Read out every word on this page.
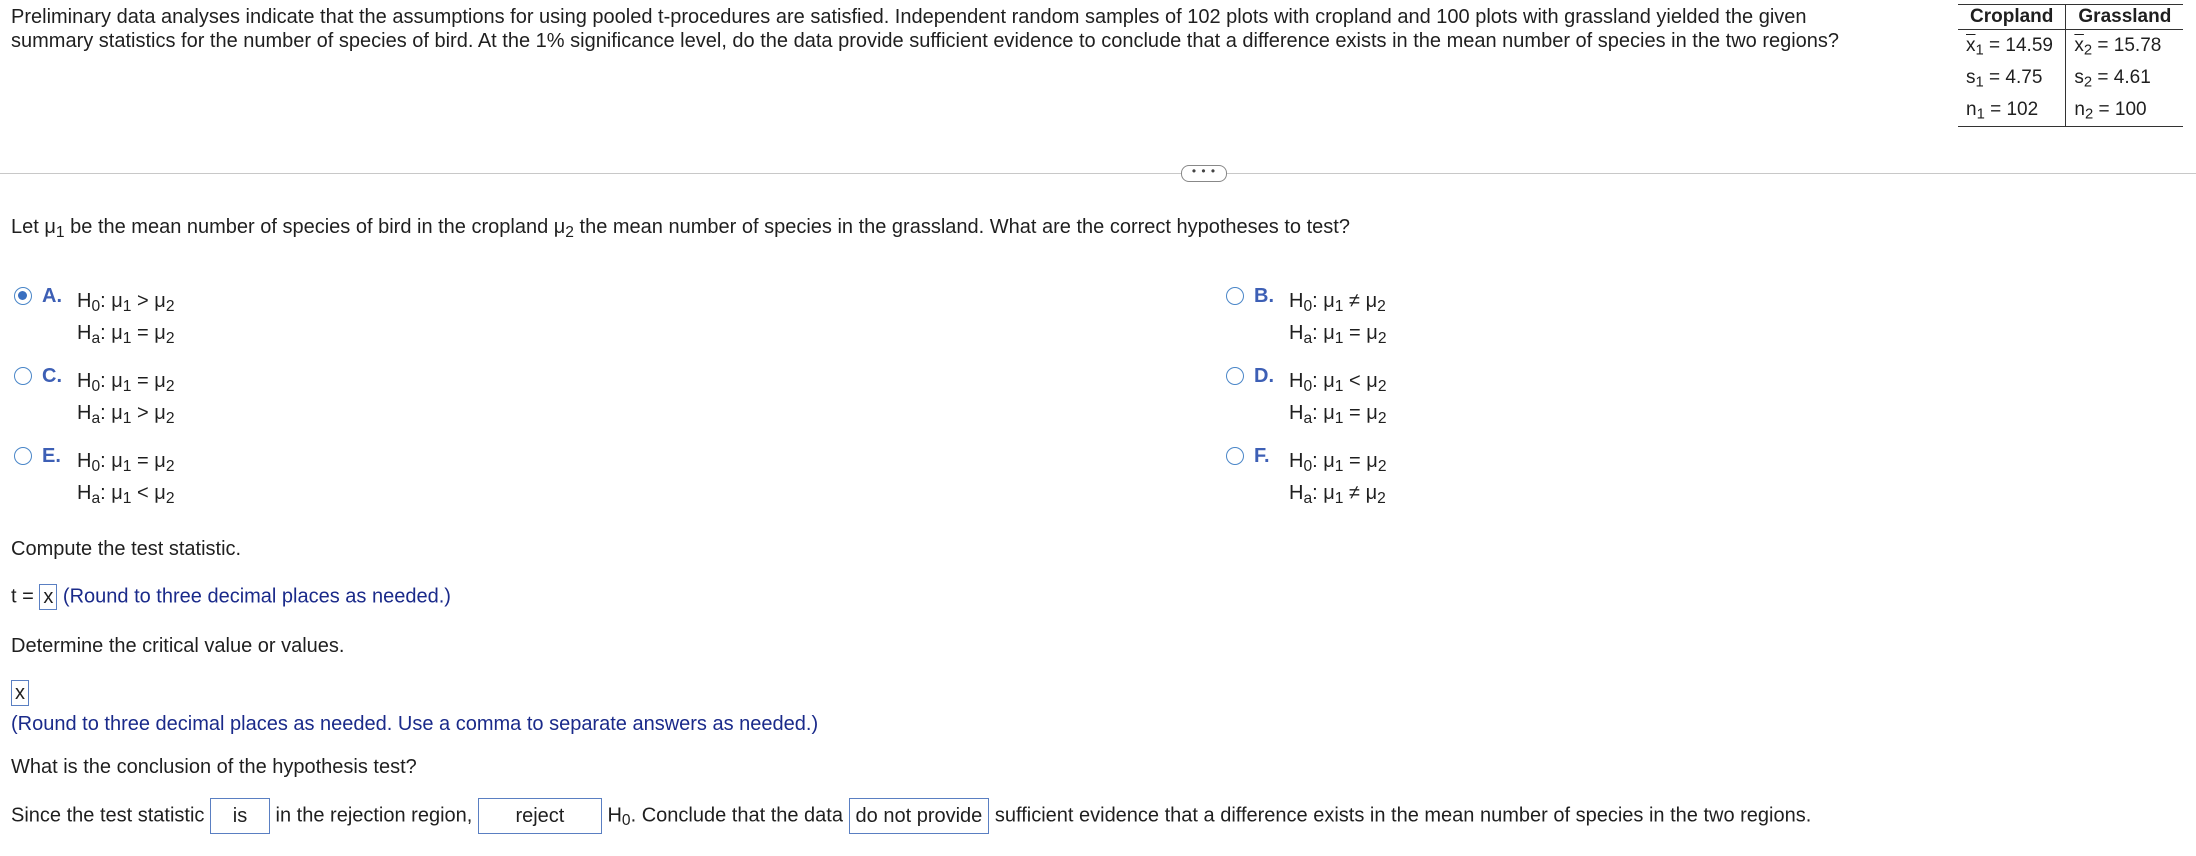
Preliminary data analyses indicate that the assumptions for using pooled t-procedures are satisfied. Independent random samples of 102 plots with cropland and 100 plots with grassland yielded the given summary statistics for the number of species of bird. At the 1% significance level, do the data provide sufficient evidence to conclude that a difference exists in the mean number of species in the two regions?
Cropland	Grassland
$\overline{x}_1 = 14.59$	$\overline{x}_2 = 15.78$
$s_1 = 4.75$	$s_2 = 4.61$
$n_1 = 102$	$n_2 = 100$
• • •
Let $\mu_1$ be the mean number of species of bird in the cropland $\mu_2$ the mean number of species in the grassland. What are the correct hypotheses to test?
A. $H_0$: $\mu_1 > \mu_2$
$H_a$: $\mu_1 = \mu_2$
B. $H_0$: $\mu_1 \ne \mu_2$
$H_a$: $\mu_1 = \mu_2$
C. $H_0$: $\mu_1 = \mu_2$
$H_a$: $\mu_1 > \mu_2$
D. $H_0$: $\mu_1 < \mu_2$
$H_a$: $\mu_1 = \mu_2$
E. $H_0$: $\mu_1 = \mu_2$
$H_a$: $\mu_1 < \mu_2$
F. $H_0$: $\mu_1 = \mu_2$
$H_a$: $\mu_1 \ne \mu_2$
Compute the test statistic.
t = x (Round to three decimal places as needed.)
Determine the critical value or values.
x
(Round to three decimal places as needed. Use a comma to separate answers as needed.)
What is the conclusion of the hypothesis test?
Since the test statistic is in the rejection region, reject $H_0$. Conclude that the data do not provide sufficient evidence that a difference exists in the mean number of species in the two regions.
